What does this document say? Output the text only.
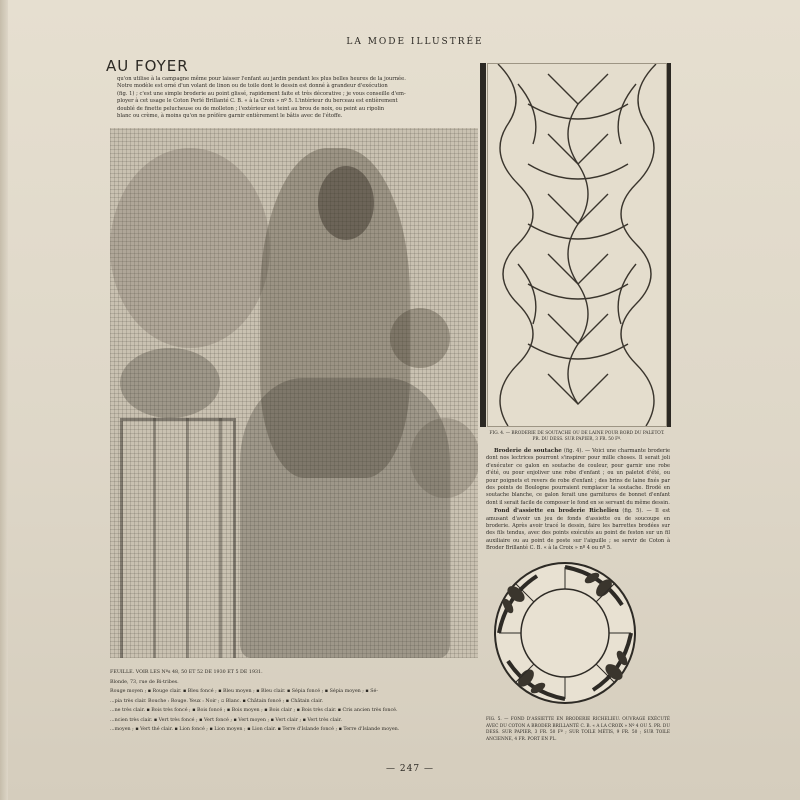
LA MODE ILLUSTRÉE
AU FOYER

qu'on utilise à la campagne même pour laisser l'enfant au jardin pendant les plus belles heures de la journée.

Notre modèle est orné d'un volant de linon ou de toile dont le dessin est donné à grandeur d'exécution

(fig. 1) ; c'est une simple broderie au point glissé, rapidement faite et très décorative ; je vous conseille d'em-

ployer à cet usage le Coton Perlé Brillanté C. B. « à la Croix » nº 5. L'intérieur du berceau est entièrement

doublé de finette pelucheuse ou de molleton ; l'extérieur est teint au brou de noix, ou peint au ripolin

blanc ou crème, à moins qu'on ne préfère garnir entièrement le bâtis avec de l'étoffe.

FEUILLE. VOIR LES Nºs 48, 50 ET 52 DE 1930 ET 5 DE 1931.

Blonde, 73, rue de Bi-tribes.

Rouge moyen ; ▪ Rouge clair. ▪ Bleu foncé ; ▪ Bleu moyen ; ▪ Bleu clair. ▪ Sépia foncé ; ▪ Sépia moyen ; ▪ Sé-

...pia très clair. Bouche : Rouge. Yeux : Noir ; ▫ Blanc. ▪ Châtain foncé ; ▪ Châtain clair.

...ne très clair. ▪ Bois très foncé ; ▪ Bois foncé ; ▪ Bois moyen ; ▪ Bois clair ; ▪ Bois très clair. ▪ Cris ancien très foncé.

...ncien très clair. ▪ Vert très foncé ; ▪ Vert foncé ; ▪ Vert moyen ; ▪ Vert clair ; ▪ Vert très clair.

...moyen ; ▪ Vert thé clair. ▪ Lion foncé ; ▪ Lion moyen ; ▪ Lion clair. ▪ Terre d'Islande foncé ; ▪ Terre d'Islande moyen.

FIG. 4. — BRODERIE DE SOUTACHE OU DE LAINE POUR BORD DU PALETOT. PR. DU DESS. SUR PAPIER, 3 FR. 50 Fº.

Broderie de soutache (fig. 4). — Voici une charmante broderie dont nos lectrices pourront s'inspirer pour mille choses. Il serait joli d'exécuter ce galon en soutache de couleur, pour garnir une robe d'été, ou pour enjoliver une robe d'enfant ; ou un paletot d'été, ou pour poignets et revers de robe d'enfant ; des brins de laine fixés par des points de Boulogne pourraient remplacer la soutache. Brodé en soutache blanche, ce galon ferait une garnitures de bonnet d'enfant dont il serait facile de composer le fond en se servant du même dessin.

Fond d'assiette en broderie Richelieu (fig. 5). — Il est amusant d'avoir un jeu de fonds d'assiette ou de soucoupe en broderie. Après avoir tracé le dessin, faire les barrettes brodées sur des fils tendus, avec des points exécutés au point de feston sur un fil auxiliaire ou au point de poste sur l'aiguille ; se servir de Coton à Broder Brillanté C. B. « à la Croix » nº 4 ou nº 5.

FIG. 5. — FOND D'ASSIETTE EN BRODERIE RICHELIEU. OUVRAGE EXÉCUTÉ AVEC DU COTON A BRODER BRILLANTÉ C. B. « A LA CROIX » Nº 4 OU 5. PR. DU DESS. SUR PAPIER, 3 FR. 50 Fº ; SUR TOILE MÉTIS, 9 FR. 50 ; SUR TOILE ANCIENNE, 4 FR. PORT EN PL.
— 247 —
